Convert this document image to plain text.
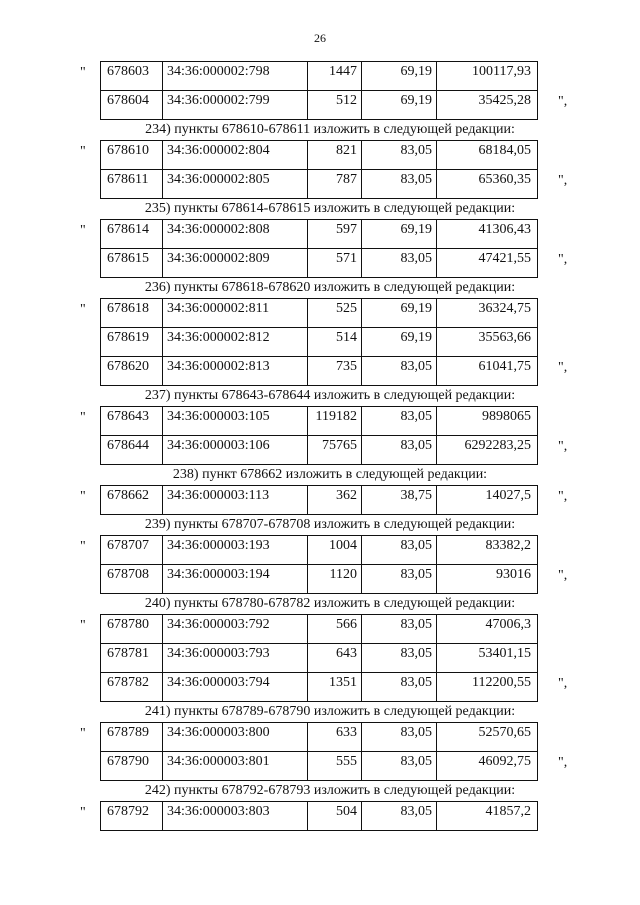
26
678603	34:36:000002:798	1447	69,19	100117,93
678604	34:36:000002:799	512	69,19	35425,28
"
",
234) пункты 678610-678611 изложить в следующей редакции:
678610	34:36:000002:804	821	83,05	68184,05
678611	34:36:000002:805	787	83,05	65360,35
"
",
235) пункты 678614-678615 изложить в следующей редакции:
678614	34:36:000002:808	597	69,19	41306,43
678615	34:36:000002:809	571	83,05	47421,55
"
",
236) пункты 678618-678620 изложить в следующей редакции:
678618	34:36:000002:811	525	69,19	36324,75
678619	34:36:000002:812	514	69,19	35563,66
678620	34:36:000002:813	735	83,05	61041,75
"
",
237) пункты 678643-678644 изложить в следующей редакции:
678643	34:36:000003:105	119182	83,05	9898065
678644	34:36:000003:106	75765	83,05	6292283,25
"
",
238) пункт 678662 изложить в следующей редакции:
678662	34:36:000003:113	362	38,75	14027,5
"	",
239) пункты 678707-678708 изложить в следующей редакции:
678707	34:36:000003:193	1004	83,05	83382,2
678708	34:36:000003:194	1120	83,05	93016
"
",
240) пункты 678780-678782 изложить в следующей редакции:
678780	34:36:000003:792	566	83,05	47006,3
678781	34:36:000003:793	643	83,05	53401,15
678782	34:36:000003:794	1351	83,05	112200,55
"
",
241) пункты 678789-678790 изложить в следующей редакции:
678789	34:36:000003:800	633	83,05	52570,65
678790	34:36:000003:801	555	83,05	46092,75
"
",
242) пункты 678792-678793 изложить в следующей редакции:
678792	34:36:000003:803	504	83,05	41857,2
"
